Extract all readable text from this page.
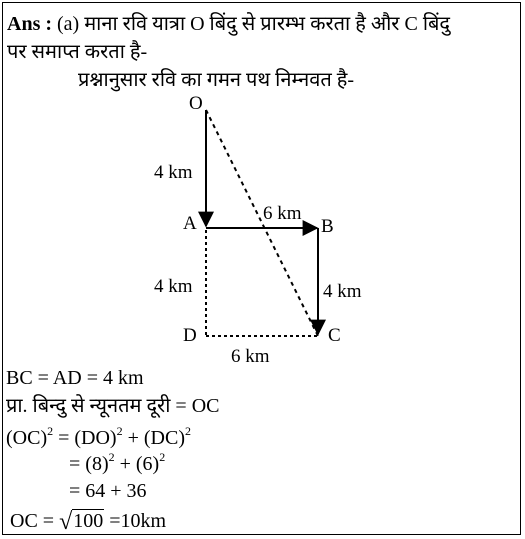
Ans : (a) माना रवि यात्रा O बिंदु से प्रारम्भ करता है और C बिंदु
पर समाप्त करता है-
प्रश्नानुसार रवि का गमन पथ निम्नवत है-
O
A	B
C
D
4 km
6 km
4 km	4 km
6 km
BC = AD = 4 km
प्रा. बिन्दु से न्यूनतम दूरी = OC
(OC)$^2$ = (DO)$^2$ + (DC)$^2$
= $(8)^2 + (6)^2$
= 64 + 36
OC = √100 =10km
